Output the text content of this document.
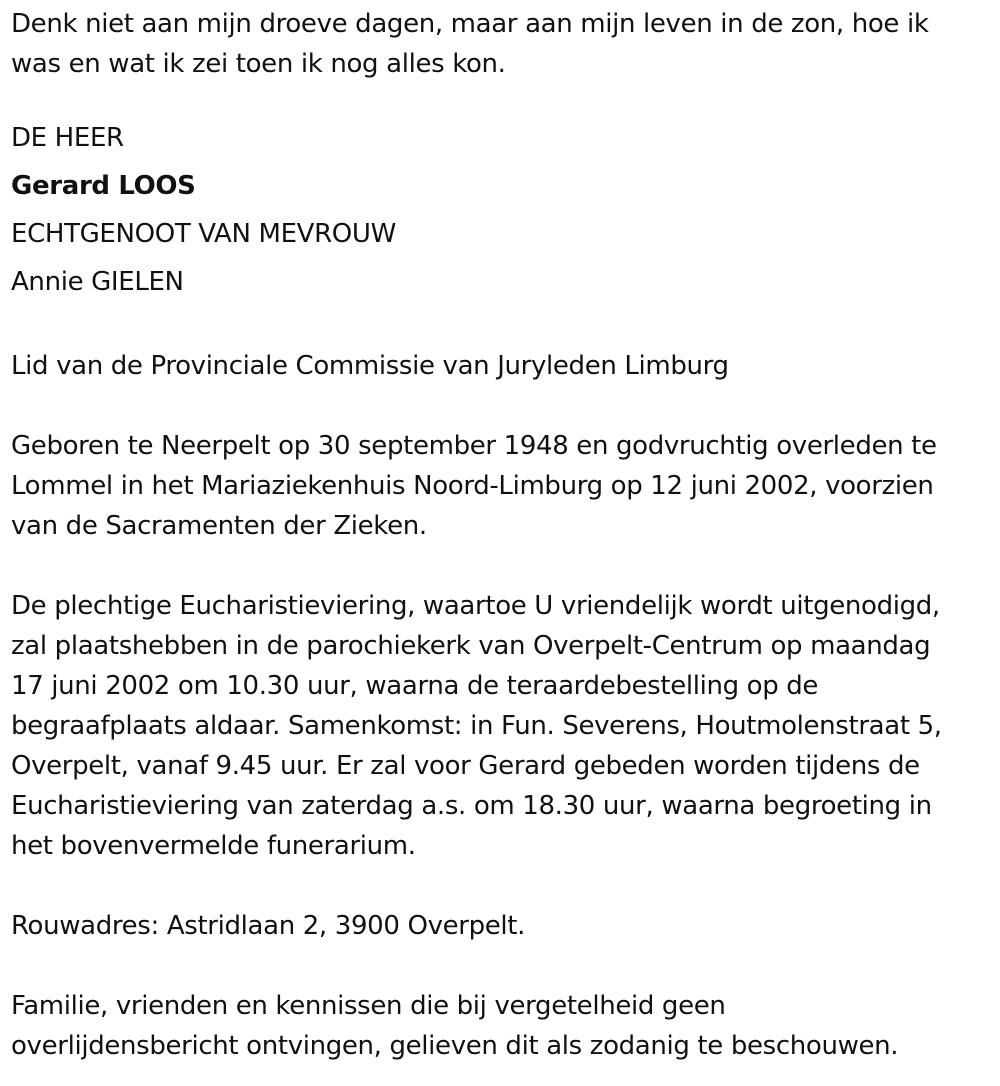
Denk niet aan mijn droeve dagen, maar aan mijn leven in de zon, hoe ik
was en wat ik zei toen ik nog alles kon.

DE HEER

Gerard LOOS

ECHTGENOOT VAN MEVROUW

Annie GIELEN

Lid van de Provinciale Commissie van Juryleden Limburg

Geboren te Neerpelt op 30 september 1948 en godvruchtig overleden te
Lommel in het Mariaziekenhuis Noord-Limburg op 12 juni 2002, voorzien
van de Sacramenten der Zieken.

De plechtige Eucharistieviering, waartoe U vriendelijk wordt uitgenodigd,
zal plaatshebben in de parochiekerk van Overpelt-Centrum op maandag
17 juni 2002 om 10.30 uur, waarna de teraardebestelling op de
begraafplaats aldaar. Samenkomst: in Fun. Severens, Houtmolenstraat 5,
Overpelt, vanaf 9.45 uur. Er zal voor Gerard gebeden worden tijdens de
Eucharistieviering van zaterdag a.s. om 18.30 uur, waarna begroeting in
het bovenvermelde funerarium.

Rouwadres: Astridlaan 2, 3900 Overpelt.

Familie, vrienden en kennissen die bij vergetelheid geen
overlijdensbericht ontvingen, gelieven dit als zodanig te beschouwen.
